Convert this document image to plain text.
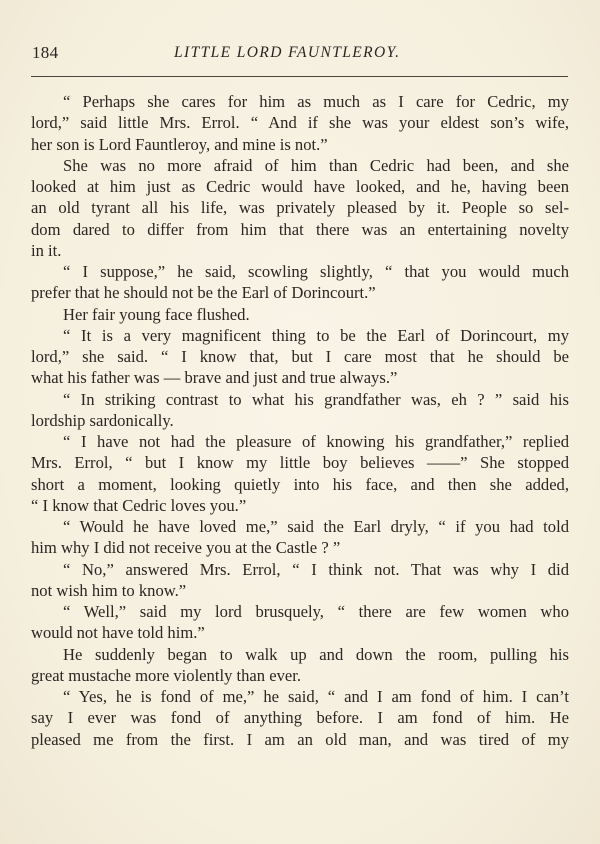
184	LITTLE LORD FAUNTLEROY.
“ Perhaps she cares for him as much as I care for Cedric, my
lord,” said little Mrs. Errol. “ And if she was your eldest son’s wife,
her son is Lord Fauntleroy, and mine is not.”
She was no more afraid of him than Cedric had been, and she
looked at him just as Cedric would have looked, and he, having been
an old tyrant all his life, was privately pleased by it. People so sel-
dom dared to differ from him that there was an entertaining novelty
in it.
“ I suppose,” he said, scowling slightly, “ that you would much
prefer that he should not be the Earl of Dorincourt.”
Her fair young face flushed.
“ It is a very magnificent thing to be the Earl of Dorincourt, my
lord,” she said. “ I know that, but I care most that he should be
what his father was — brave and just and true always.”
“ In striking contrast to what his grandfather was, eh ? ” said his
lordship sardonically.
“ I have not had the pleasure of knowing his grandfather,” replied
Mrs. Errol, “ but I know my little boy believes ——” She stopped
short a moment, looking quietly into his face, and then she added,
“ I know that Cedric loves you.”
“ Would he have loved me,” said the Earl dryly, “ if you had told
him why I did not receive you at the Castle ? ”
“ No,” answered Mrs. Errol, “ I think not. That was why I did
not wish him to know.”
“ Well,” said my lord brusquely, “ there are few women who
would not have told him.”
He suddenly began to walk up and down the room, pulling his
great mustache more violently than ever.
“ Yes, he is fond of me,” he said, “ and I am fond of him. I can’t
say I ever was fond of anything before. I am fond of him. He
pleased me from the first. I am an old man, and was tired of my
